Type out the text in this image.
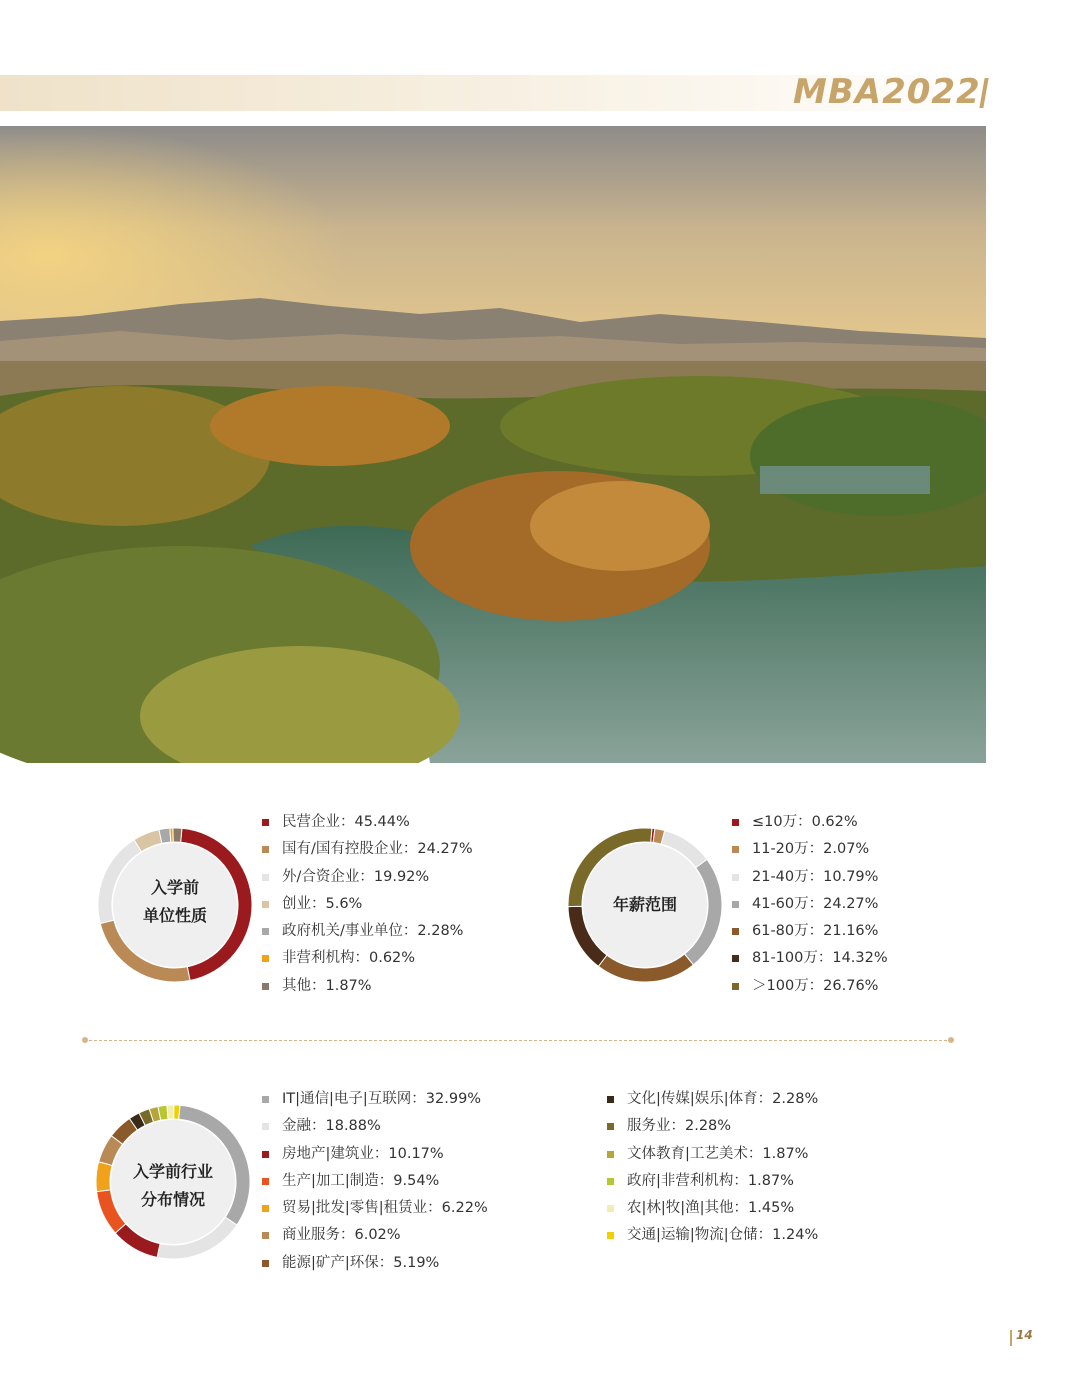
MBA2022
入学前
单位性质
民营企业：45.44%
国有/国有控股企业：24.27%
外/合资企业：19.92%
创业：5.6%
政府机关/事业单位：2.28%
非营利机构：0.62%
其他：1.87%
年薪范围
≤10万：0.62%
11-20万：2.07%
21-40万：10.79%
41-60万：24.27%
61-80万：21.16%
81-100万：14.32%
＞100万：26.76%
入学前行业
分布情况
IT|通信|电子|互联网：32.99%
金融：18.88%
房地产|建筑业：10.17%
生产|加工|制造：9.54%
贸易|批发|零售|租赁业：6.22%
商业服务：6.02%
能源|矿产|环保：5.19%
文化|传媒|娱乐|体育：2.28%
服务业：2.28%
文体教育|工艺美术：1.87%
政府|非营利机构：1.87%
农|林|牧|渔|其他：1.45%
交通|运输|物流|仓储：1.24%
14
